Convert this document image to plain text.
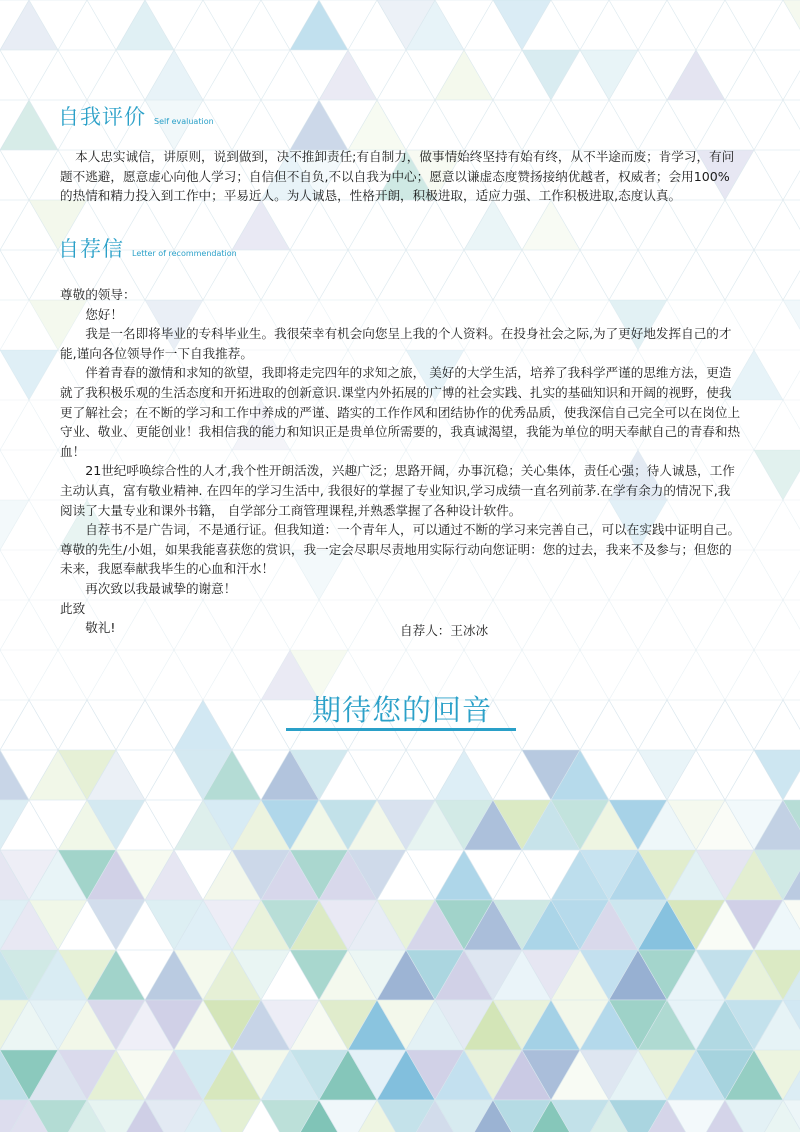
自我评价 Self evaluation

本人忠实诚信，讲原则，说到做到，决不推卸责任;有自制力，做事情始终坚持有始有终，从不半途而废；肯学习，有问题不逃避，愿意虚心向他人学习；自信但不自负,不以自我为中心；愿意以谦虚态度赞扬接纳优越者，权威者；会用100%的热情和精力投入到工作中；平易近人。为人诚恳，性格开朗，积极进取，适应力强、工作积极进取,态度认真。

自荐信 Letter of recommendation

尊敬的领导：

您好！

我是一名即将毕业的专科毕业生。我很荣幸有机会向您呈上我的个人资料。在投身社会之际,为了更好地发挥自己的才能,谨向各位领导作一下自我推荐。

伴着青春的激情和求知的欲望，我即将走完四年的求知之旅， 美好的大学生活，培养了我科学严谨的思维方法，更造就了我积极乐观的生活态度和开拓进取的创新意识.课堂内外拓展的广博的社会实践、扎实的基础知识和开阔的视野，使我更了解社会；在不断的学习和工作中养成的严谨、踏实的工作作风和团结协作的优秀品质，使我深信自己完全可以在岗位上守业、敬业、更能创业！我相信我的能力和知识正是贵单位所需要的，我真诚渴望，我能为单位的明天奉献自己的青春和热血！

21世纪呼唤综合性的人才,我个性开朗活泼，兴趣广泛；思路开阔，办事沉稳；关心集体，责任心强；待人诚恳，工作主动认真，富有敬业精神. 在四年的学习生活中, 我很好的掌握了专业知识,学习成绩一直名列前茅.在学有余力的情况下,我阅读了大量专业和课外书籍， 自学部分工商管理课程,并熟悉掌握了各种设计软件。

自荐书不是广告词，不是通行证。但我知道：一个青年人，可以通过不断的学习来完善自己，可以在实践中证明自己。尊敬的先生/小姐，如果我能喜获您的赏识，我一定会尽职尽责地用实际行动向您证明：您的过去，我来不及参与；但您的未来，我愿奉献我毕生的心血和汗水！

再次致以我最诚挚的谢意！

此致

敬礼!	自荐人：王冰冰
期待您的回音
